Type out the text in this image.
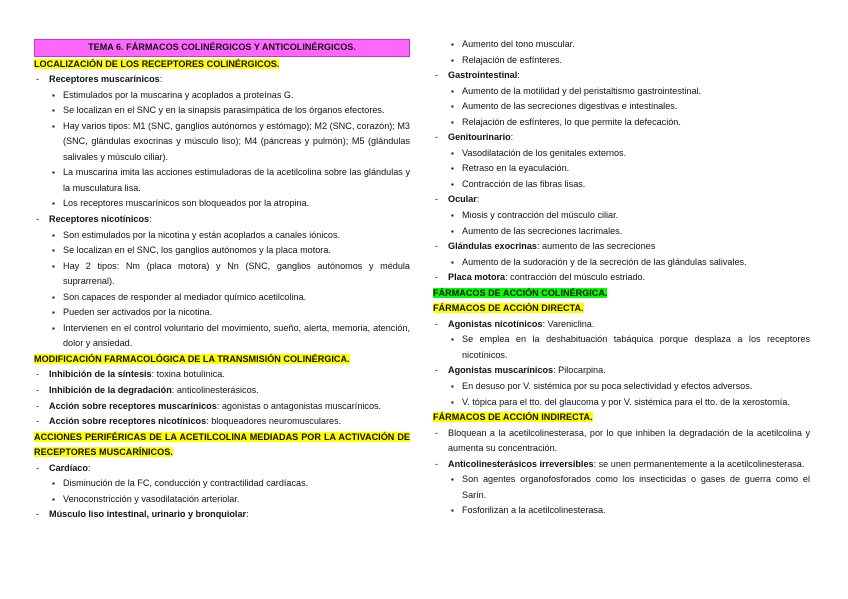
TEMA 6. FÁRMACOS COLINÉRGICOS Y ANTICOLINÉRGICOS.
LOCALIZACIÓN DE LOS RECEPTORES COLINÉRGICOS.
- Receptores muscarínicos:
▪ Estimulados por la muscarina y acoplados a proteínas G.
▪ Se localizan en el SNC y en la sinapsis parasimpática de los órganos efectores.
▪ Hay varios tipos: M1 (SNC, ganglios autónomos y estómago); M2 (SNC, corazón); M3 (SNC, glándulas exocrinas y músculo liso); M4 (páncreas y pulmón); M5 (glándulas salivales y músculo ciliar).
▪ La muscarina imita las acciones estimuladoras de la acetilcolina sobre las glándulas y la musculatura lisa.
▪ Los receptores muscarínicos son bloqueados por la atropina.
- Receptores nicotínicos:
▪ Son estimulados por la nicotina y están acoplados a canales iónicos.
▪ Se localizan en el SNC, los ganglios autónomos y la placa motora.
▪ Hay 2 tipos: Nm (placa motora) y Nn (SNC, ganglios autónomos y médula suprarrenal).
▪ Son capaces de responder al mediador químico acetilcolina.
▪ Pueden ser activados por la nicotina.
▪ Intervienen en el control voluntario del movimiento, sueño, alerta, memoria, atención, dolor y ansiedad.
MODIFICACIÓN FARMACOLÓGICA DE LA TRANSMISIÓN COLINÉRGICA.
- Inhibición de la síntesis: toxina botulínica.
- Inhibición de la degradación: anticolinesterásicos.
- Acción sobre receptores muscarínicos: agonistas o antagonistas muscarínicos.
- Acción sobre receptores nicotínicos: bloqueadores neuromusculares.
ACCIONES PERIFÉRICAS DE LA ACETILCOLINA MEDIADAS POR LA ACTIVACIÓN DE RECEPTORES MUSCARÍNICOS.
- Cardíaco:
▪ Disminución de la FC, conducción y contractilidad cardíacas.
▪ Venoconstricción y vasodilatación arteriolar.
- Músculo liso intestinal, urinario y bronquiolar:
▪ Aumento del tono muscular.
▪ Relajación de esfínteres.
- Gastrointestinal:
▪ Aumento de la motilidad y del peristaltismo gastrointestinal.
▪ Aumento de las secreciones digestivas e intestinales.
▪ Relajación de esfínteres, lo que permite la defecación.
- Genitourinario:
▪ Vasodilatación de los genitales externos.
▪ Retraso en la eyaculación.
▪ Contracción de las fibras lisas.
- Ocular:
▪ Miosis y contracción del músculo ciliar.
▪ Aumento de las secreciones lacrimales.
- Glándulas exocrinas: aumento de las secreciones
▪ Aumento de la sudoración y de la secreción de las glándulas salivales.
- Placa motora: contracción del músculo estriado.
FÁRMACOS DE ACCIÓN COLINÉRGICA.
FÁRMACOS DE ACCIÓN DIRECTA.
- Agonistas nicotínicos: Vareniclina.
▪ Se emplea en la deshabituación tabáquica porque desplaza a los receptores nicotínicos.
- Agonistas muscarínicos: Pilocarpina.
▪ En desuso por V. sistémica por su poca selectividad y efectos adversos.
▪ V. tópica para el tto. del glaucoma y por V. sistémica para el tto. de la xerostomía.
FÁRMACOS DE ACCIÓN INDIRECTA.
- Bloquean a la acetilcolinesterasa, por lo que inhiben la degradación de la acetilcolina y aumenta su concentración.
- Anticolinesterásicos irreversibles: se unen permanentemente a la acetilcolinesterasa.
▪ Son agentes organofosforados como los insecticidas o gases de guerra como el Sarín.
▪ Fosforilizan a la acetilcolinesterasa.
